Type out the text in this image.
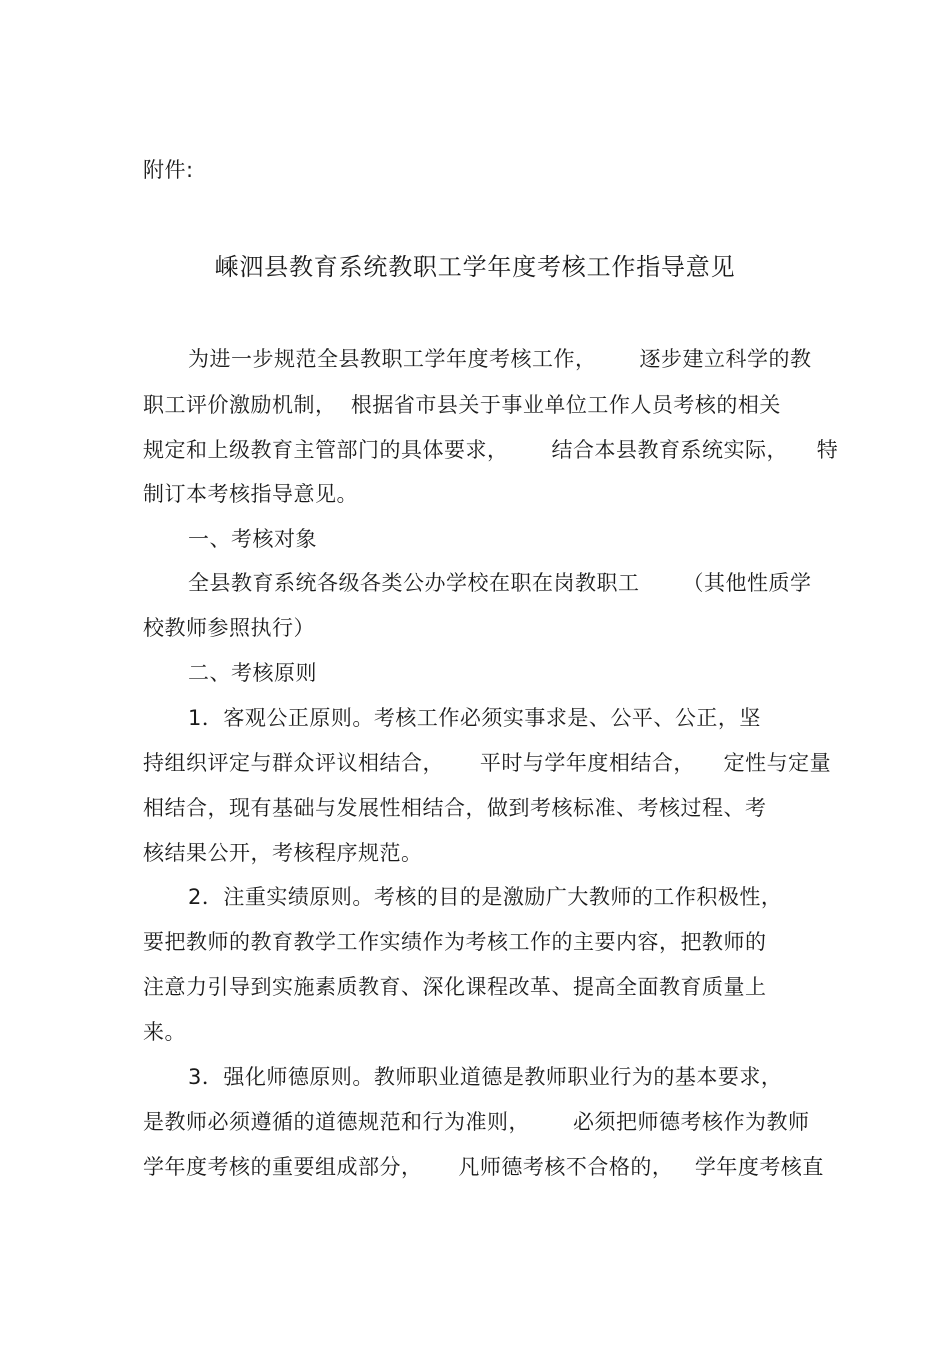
附件:
嵊泗县教育系统教职工学年度考核工作指导意见
为进一步规范全县教职工学年度考核工作，      逐步建立科学的教
职工评价激励机制，  根据省市县关于事业单位工作人员考核的相关
规定和上级教育主管部门的具体要求，      结合本县教育系统实际，    特
制订本考核指导意见。
一、考核对象
全县教育系统各级各类公办学校在职在岗教职工      （其他性质学
校教师参照执行）
二、考核原则
1．客观公正原则。考核工作必须实事求是、公平、公正，坚
持组织评定与群众评议相结合，     平时与学年度相结合，    定性与定量
相结合，现有基础与发展性相结合，做到考核标准、考核过程、考
核结果公开，考核程序规范。
2．注重实绩原则。考核的目的是激励广大教师的工作积极性，
要把教师的教育教学工作实绩作为考核工作的主要内容，把教师的
注意力引导到实施素质教育、深化课程改革、提高全面教育质量上
来。
3．强化师德原则。教师职业道德是教师职业行为的基本要求，
是教师必须遵循的道德规范和行为准则，      必须把师德考核作为教师
学年度考核的重要组成部分，     凡师德考核不合格的，   学年度考核直
